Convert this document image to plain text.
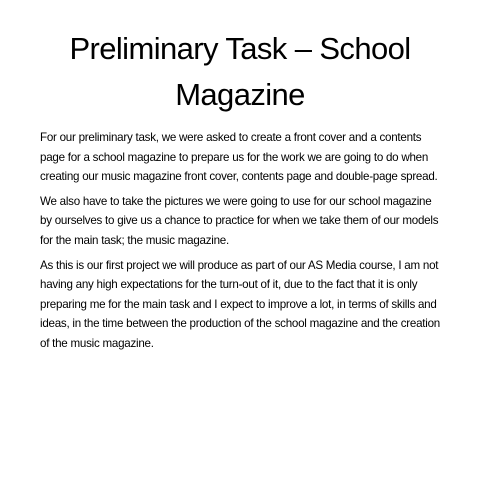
Preliminary Task – School Magazine

For our preliminary task, we were asked to create a front cover and a contents page for a school magazine to prepare us for the work we are going to do when creating our music magazine front cover, contents page and double-page spread.

We also have to take the pictures we were going to use for our school magazine by ourselves to give us a chance to practice for when we take them of our models for the main task; the music magazine.

As this is our first project we will produce as part of our AS Media course, I am not having any high expectations for the turn-out of it, due to the fact that it is only preparing me for the main task and I expect to improve a lot, in terms of skills and ideas, in the time between the production of the school magazine and the creation of the music magazine.
